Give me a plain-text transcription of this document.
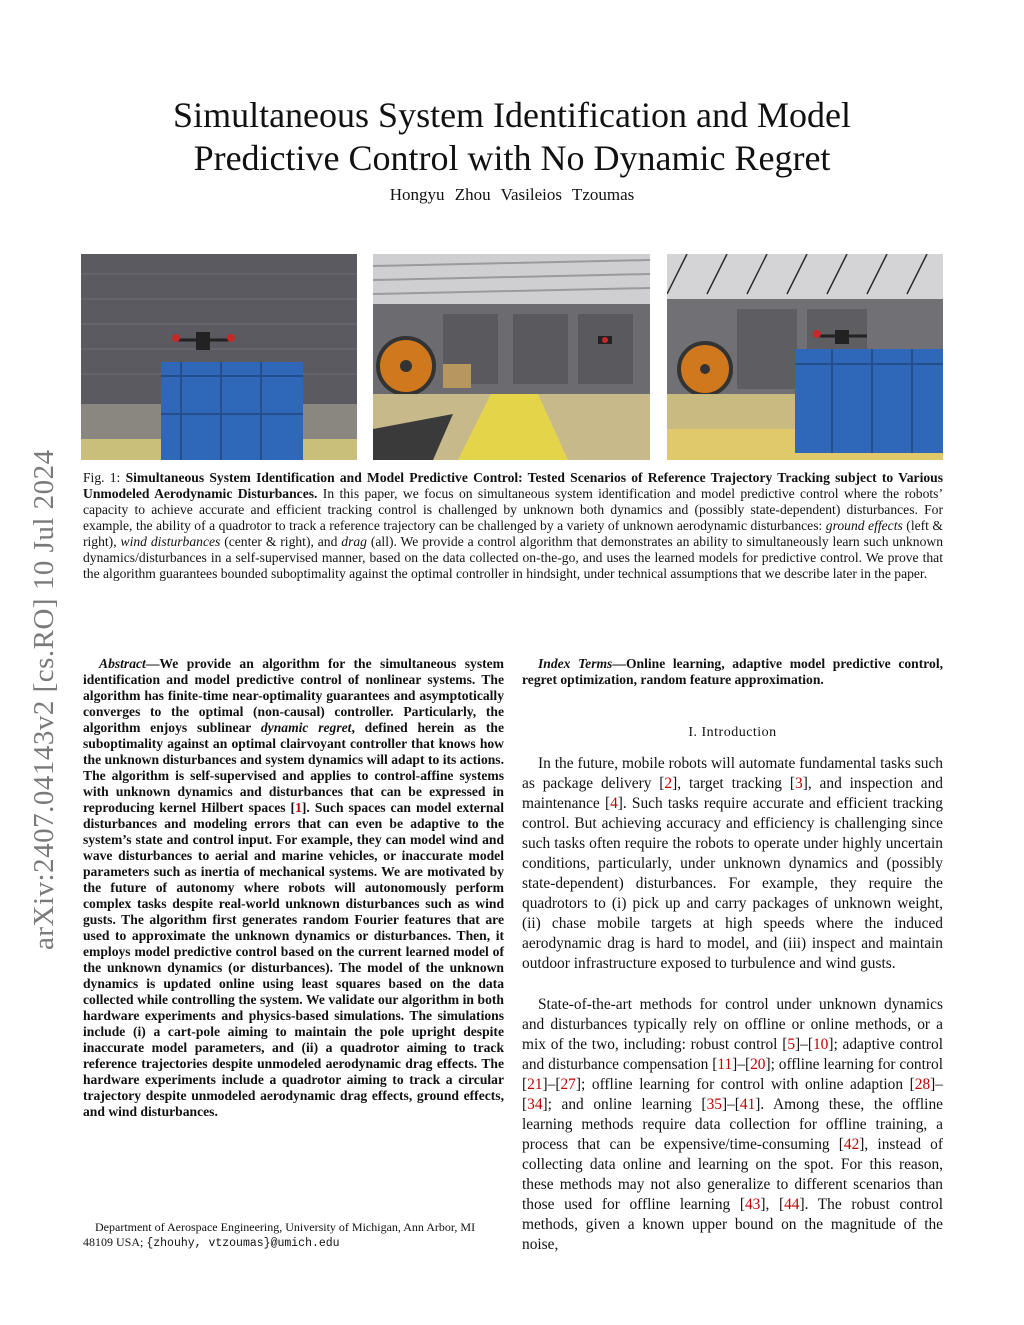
Simultaneous System Identification and Model
Predictive Control with No Dynamic Regret
Hongyu Zhou Vasileios Tzoumas
arXiv:2407.04143v2 [cs.RO] 10 Jul 2024 Fig. 1: Simultaneous System Identification and Model Predictive Control: Tested Scenarios of Reference Trajectory Tracking subject to Various Unmodeled Aerodynamic Disturbances. In this paper, we focus on simultaneous system identification and model predictive control where the robots’ capacity to achieve accurate and efficient tracking control is challenged by unknown both dynamics and (possibly state-dependent) disturbances. For example, the ability of a quadrotor to track a reference trajectory can be challenged by a variety of unknown aerodynamic disturbances: ground effects (left & right), wind disturbances (center & right), and drag (all). We provide a control algorithm that demonstrates an ability to simultaneously learn such unknown dynamics/disturbances in a self-supervised manner, based on the data collected on-the-go, and uses the learned models for predictive control. We prove that the algorithm guarantees bounded suboptimality against the optimal controller in hindsight, under technical assumptions that we describe later in the paper.
Abstract—We provide an algorithm for the simultaneous system identification and model predictive control of nonlinear systems. The algorithm has finite-time near-optimality guarantees and asymptotically converges to the optimal (non-causal) controller. Particularly, the algorithm enjoys sublinear dynamic regret, defined herein as the suboptimality against an optimal clairvoyant controller that knows how the unknown disturbances and system dynamics will adapt to its actions. The algorithm is self-supervised and applies to control-affine systems with unknown dynamics and disturbances that can be expressed in reproducing kernel Hilbert spaces [1]. Such spaces can model external disturbances and modeling errors that can even be adaptive to the system’s state and control input. For example, they can model wind and wave disturbances to aerial and marine vehicles, or inaccurate model parameters such as inertia of mechanical systems. We are motivated by the future of autonomy where robots will autonomously perform complex tasks despite real-world unknown disturbances such as wind gusts. The algorithm first generates random Fourier features that are used to approximate the unknown dynamics or disturbances. Then, it employs model predictive control based on the current learned model of the unknown dynamics (or disturbances). The model of the unknown dynamics is updated online using least squares based on the data collected while controlling the system. We validate our algorithm in both hardware experiments and physics-based simulations. The simulations include (i) a cart-pole aiming to maintain the pole upright despite inaccurate model parameters, and (ii) a quadrotor aiming to track reference trajectories despite unmodeled aerodynamic drag effects. The hardware experiments include a quadrotor aiming to track a circular trajectory despite unmodeled aerodynamic drag effects, ground effects, and wind disturbances.
Department of Aerospace Engineering, University of Michigan, Ann Arbor, MI 48109 USA; {zhouhy, vtzoumas}@umich.edu
Index Terms—Online learning, adaptive model predictive control, regret optimization, random feature approximation.
I. Introduction
In the future, mobile robots will automate fundamental tasks such as package delivery [2], target tracking [3], and inspection and maintenance [4]. Such tasks require accurate and efficient tracking control. But achieving accuracy and efficiency is challenging since such tasks often require the robots to operate under highly uncertain conditions, particularly, under unknown dynamics and (possibly state-dependent) disturbances. For example, they require the quadrotors to (i) pick up and carry packages of unknown weight, (ii) chase mobile targets at high speeds where the induced aerodynamic drag is hard to model, and (iii) inspect and maintain outdoor infrastructure exposed to turbulence and wind gusts.
State-of-the-art methods for control under unknown dynamics and disturbances typically rely on offline or online methods, or a mix of the two, including: robust control [5]–[10]; adaptive control and disturbance compensation [11]–[20]; offline learning for control [21]–[27]; offline learning for control with online adaption [28]–[34]; and online learning [35]–[41]. Among these, the offline learning methods require data collection for offline training, a process that can be expensive/time-consuming [42], instead of collecting data online and learning on the spot. For this reason, these methods may not also generalize to different scenarios than those used for offline learning [43], [44]. The robust control methods, given a known upper bound on the magnitude of the noise,
